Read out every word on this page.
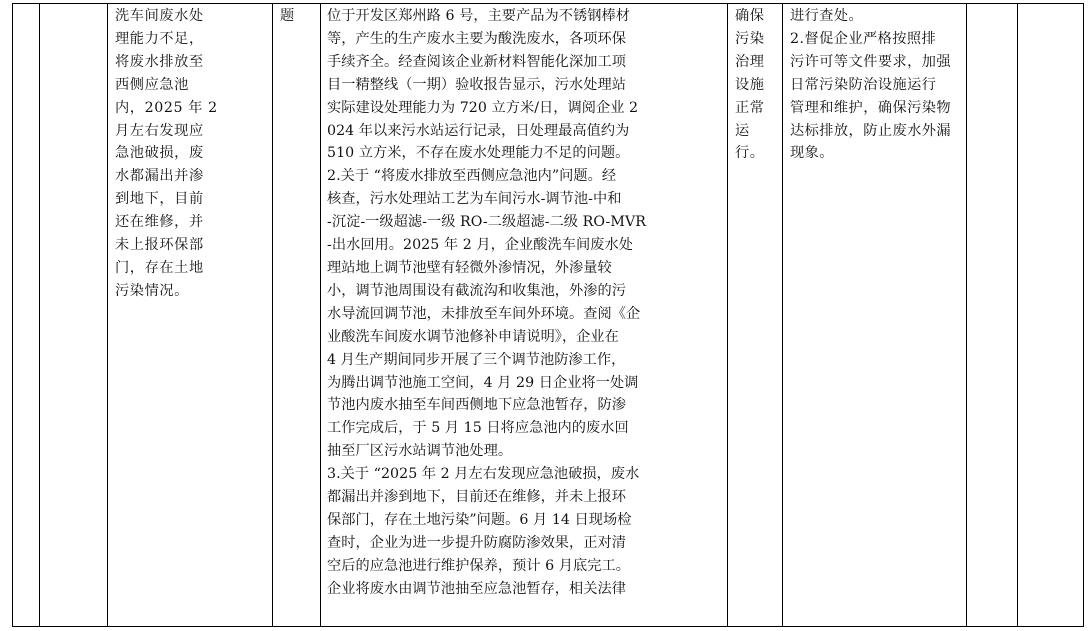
洗车间废水处
理能力不足，
将废水排放至
西侧应急池
内，2025 年 2
月左右发现应
急池破损，废
水都漏出并渗
到地下，目前
还在维修，并
未上报环保部
门，存在土地
污染情况。
题	位于开发区郑州路 6 号，主要产品为不锈钢棒材
等，产生的生产废水主要为酸洗废水，各项环保
手续齐全。经查阅该企业新材料智能化深加工项
目一精整线（一期）验收报告显示，污水处理站
实际建设处理能力为 720 立方米/日，调阅企业 2
024 年以来污水站运行记录，日处理最高值约为
510 立方米，不存在废水处理能力不足的问题。
2.关于 “将废水排放至西侧应急池内”问题。经
核查，污水处理站工艺为车间污水-调节池-中和
-沉淀-一级超滤-一级 RO-二级超滤-二级 RO-MVR
-出水回用。2025 年 2 月，企业酸洗车间废水处
理站地上调节池壁有轻微外渗情况，外渗量较
小，调节池周围设有截流沟和收集池，外渗的污
水导流回调节池，未排放至车间外环境。查阅《企
业酸洗车间废水调节池修补申请说明》，企业在
4 月生产期间同步开展了三个调节池防渗工作，
为腾出调节池施工空间，4 月 29 日企业将一处调
节池内废水抽至车间西侧地下应急池暂存，防渗
工作完成后，于 5 月 15 日将应急池内的废水回
抽至厂区污水站调节池处理。
3.关于 “2025 年 2 月左右发现应急池破损，废水
都漏出并渗到地下，目前还在维修，并未上报环
保部门，存在土地污染”问题。6 月 14 日现场检
查时，企业为进一步提升防腐防渗效果，正对清
空后的应急池进行维护保养，预计 6 月底完工。
企业将废水由调节池抽至应急池暂存，相关法律
确保
污染
治理
设施
正常
运
行。
进行查处。
2.督促企业严格按照排
污许可等文件要求，加强
日常污染防治设施运行
管理和维护，确保污染物
达标排放，防止废水外漏
现象。
